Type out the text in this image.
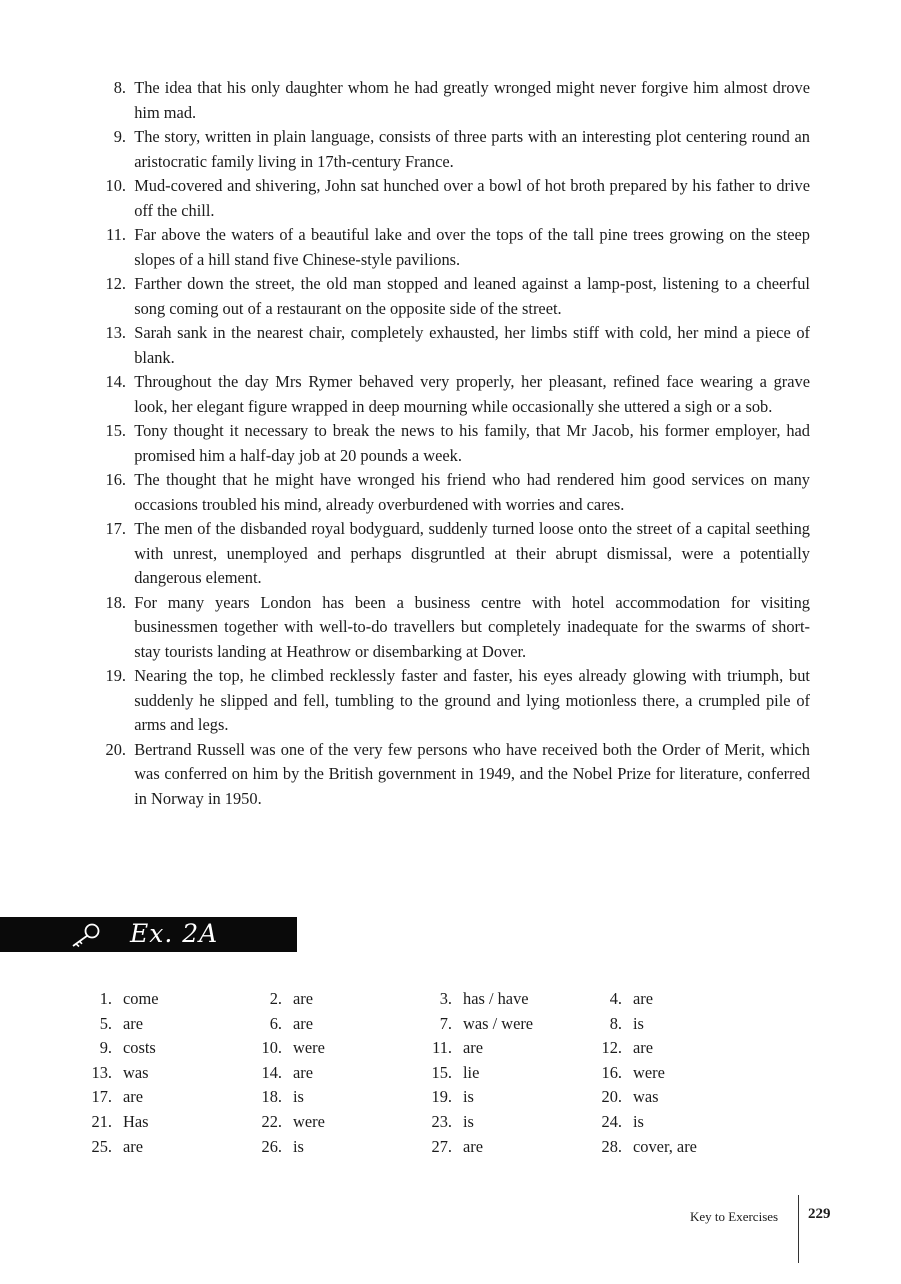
8.
The idea that his only daughter whom he had greatly wronged might never forgive him almost drove him mad.
9.
The story, written in plain language, consists of three parts with an interesting plot centering round an aristocratic family living in 17th-century France.
10.
Mud-covered and shivering, John sat hunched over a bowl of hot broth prepared by his father to drive off the chill.
11.
Far above the waters of a beautiful lake and over the tops of the tall pine trees growing on the steep slopes of a hill stand five Chinese-style pavilions.
12.
Farther down the street, the old man stopped and leaned against a lamp-post, listening to a cheerful song coming out of a restaurant on the opposite side of the street.
13.
Sarah sank in the nearest chair, completely exhausted, her limbs stiff with cold, her mind a piece of blank.
14.
Throughout the day Mrs Rymer behaved very properly, her pleasant, refined face wearing a grave look, her elegant figure wrapped in deep mourning while occasionally she uttered a sigh or a sob.
15.
Tony thought it necessary to break the news to his family, that Mr Jacob, his former employer, had promised him a half-day job at 20 pounds a week.
16.
The thought that he might have wronged his friend who had rendered him good services on many occasions troubled his mind, already overburdened with worries and cares.
17.
The men of the disbanded royal bodyguard, suddenly turned loose onto the street of a capital seething with unrest, unemployed and perhaps disgruntled at their abrupt dismissal, were a potentially dangerous element.
18.
For many years London has been a business centre with hotel accommodation for visiting businessmen together with well-to-do travellers but completely inadequate for the swarms of short-stay tourists landing at Heathrow or disembarking at Dover.
19.
Nearing the top, he climbed recklessly faster and faster, his eyes already glowing with triumph, but suddenly he slipped and fell, tumbling to the ground and lying motionless there, a crumpled pile of arms and legs.
20.
Bertrand Russell was one of the very few persons who have received both the Order of Merit, which was conferred on him by the British government in 1949, and the Nobel Prize for literature, conferred in Norway in 1950.
Ex. 2A
1. come	2. are	3. has / have	4. are
5. are	6. are	7. was / were	8. is
9. costs	10. were	11. are	12. are
13. was	14. are	15. lie	16. were
17. are	18. is	19. is	20. was
21. Has	22. were	23. is	24. is
25. are	26. is	27. are	28. cover, are
Key to Exercises 229
